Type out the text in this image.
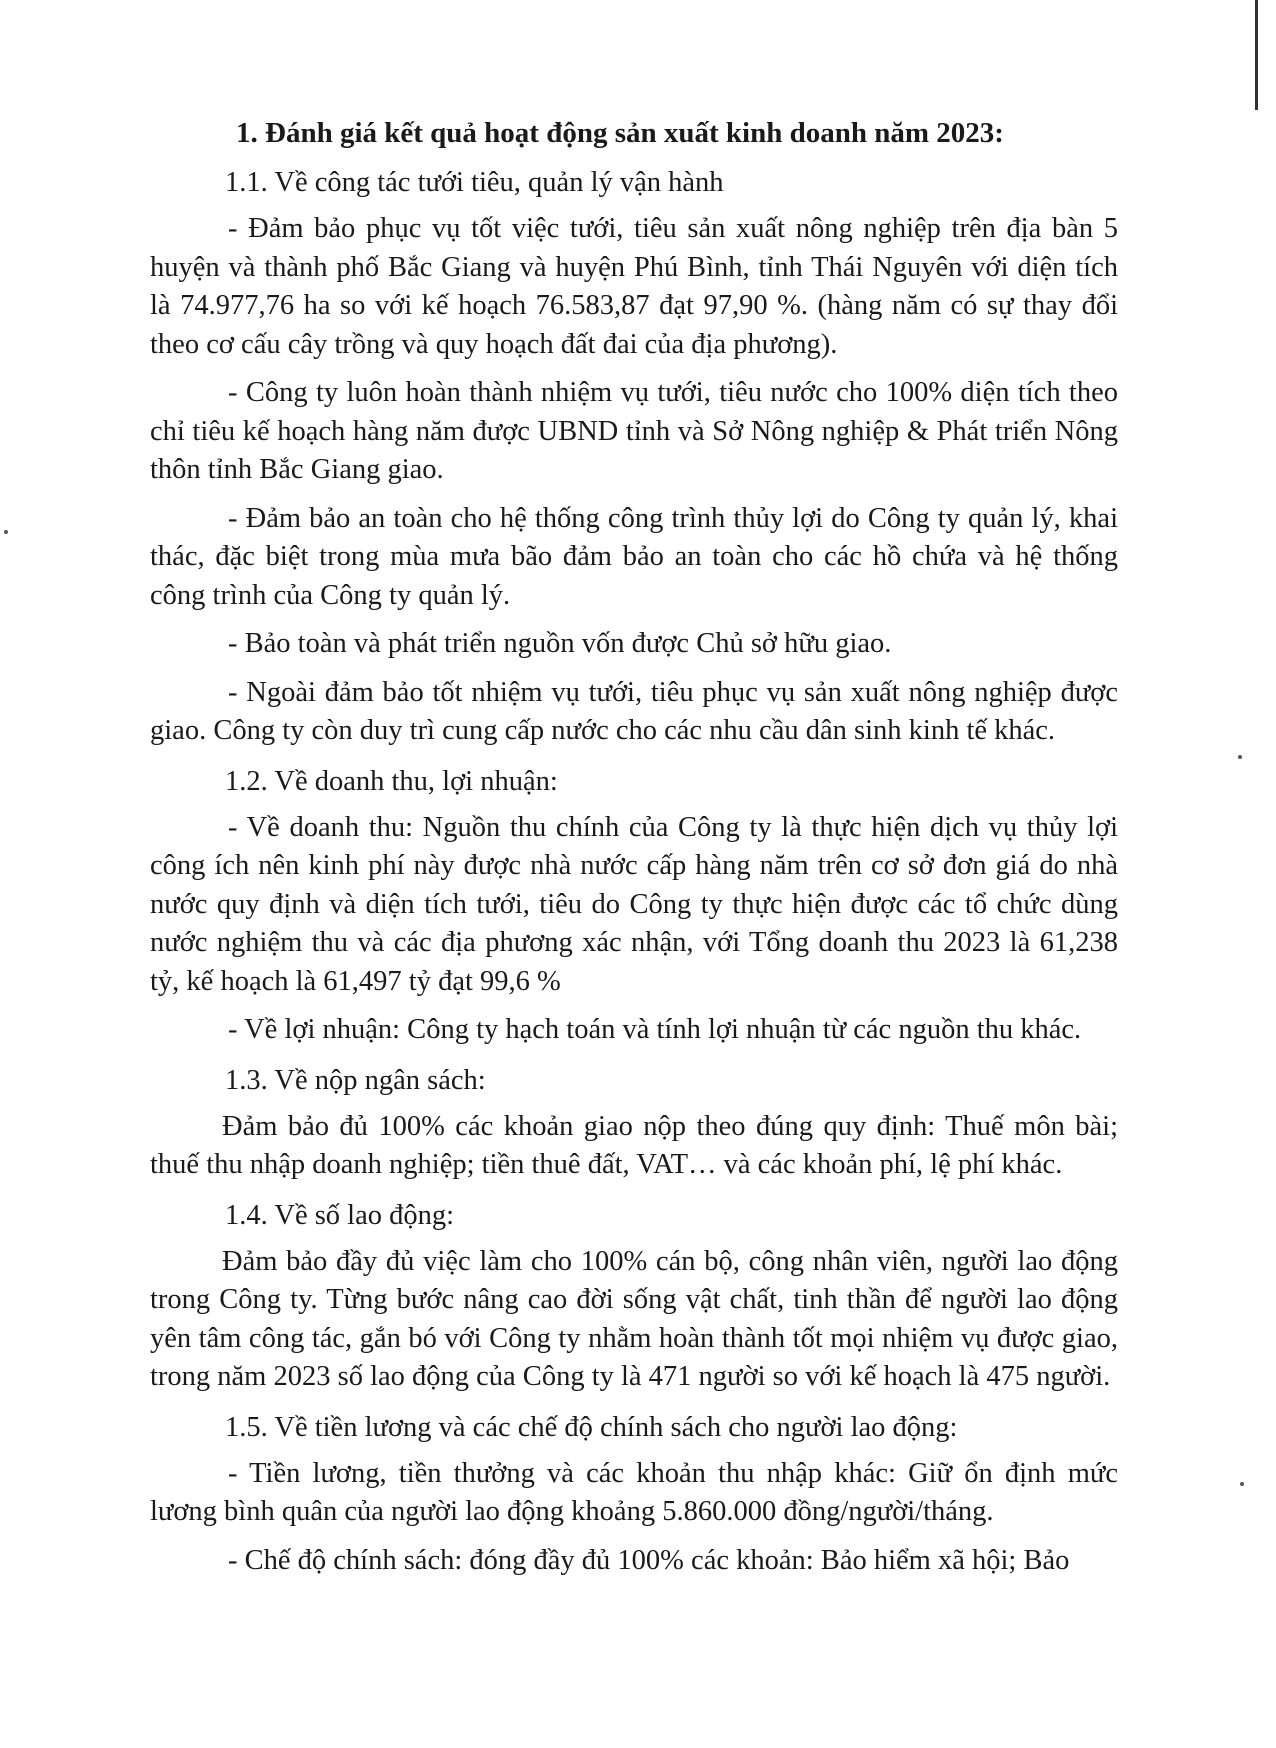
1. Đánh giá kết quả hoạt động sản xuất kinh doanh năm 2023:

1.1. Về công tác tưới tiêu, quản lý vận hành

- Đảm bảo phục vụ tốt việc tưới, tiêu sản xuất nông nghiệp trên địa bàn 5 huyện và thành phố Bắc Giang và huyện Phú Bình, tỉnh Thái Nguyên với diện tích là 74.977,76 ha so với kế hoạch 76.583,87 đạt 97,90 %. (hàng năm có sự thay đổi theo cơ cấu cây trồng và quy hoạch đất đai của địa phương).

- Công ty luôn hoàn thành nhiệm vụ tưới, tiêu nước cho 100% diện tích theo chỉ tiêu kế hoạch hàng năm được UBND tỉnh và Sở Nông nghiệp & Phát triển Nông thôn tỉnh Bắc Giang giao.

- Đảm bảo an toàn cho hệ thống công trình thủy lợi do Công ty quản lý, khai thác, đặc biệt trong mùa mưa bão đảm bảo an toàn cho các hồ chứa và hệ thống công trình của Công ty quản lý.

- Bảo toàn và phát triển nguồn vốn được Chủ sở hữu giao.

- Ngoài đảm bảo tốt nhiệm vụ tưới, tiêu phục vụ sản xuất nông nghiệp được giao. Công ty còn duy trì cung cấp nước cho các nhu cầu dân sinh kinh tế khác.

1.2. Về doanh thu, lợi nhuận:

- Về doanh thu: Nguồn thu chính của Công ty là thực hiện dịch vụ thủy lợi công ích nên kinh phí này được nhà nước cấp hàng năm trên cơ sở đơn giá do nhà nước quy định và diện tích tưới, tiêu do Công ty thực hiện được các tổ chức dùng nước nghiệm thu và các địa phương xác nhận, với Tổng doanh thu 2023 là 61,238 tỷ, kế hoạch là 61,497 tỷ đạt 99,6 %

- Về lợi nhuận: Công ty hạch toán và tính lợi nhuận từ các nguồn thu khác.

1.3. Về nộp ngân sách:

Đảm bảo đủ 100% các khoản giao nộp theo đúng quy định: Thuế môn bài; thuế thu nhập doanh nghiệp; tiền thuê đất, VAT… và các khoản phí, lệ phí khác.

1.4. Về số lao động:

Đảm bảo đầy đủ việc làm cho 100% cán bộ, công nhân viên, người lao động trong Công ty. Từng bước nâng cao đời sống vật chất, tinh thần để người lao động yên tâm công tác, gắn bó với Công ty nhằm hoàn thành tốt mọi nhiệm vụ được giao, trong năm 2023 số lao động của Công ty là 471 người so với kế hoạch là 475 người.

1.5. Về tiền lương và các chế độ chính sách cho người lao động:

- Tiền lương, tiền thưởng và các khoản thu nhập khác: Giữ ổn định mức lương bình quân của người lao động khoảng 5.860.000 đồng/người/tháng.

- Chế độ chính sách: đóng đầy đủ 100% các khoản: Bảo hiểm xã hội; Bảo
